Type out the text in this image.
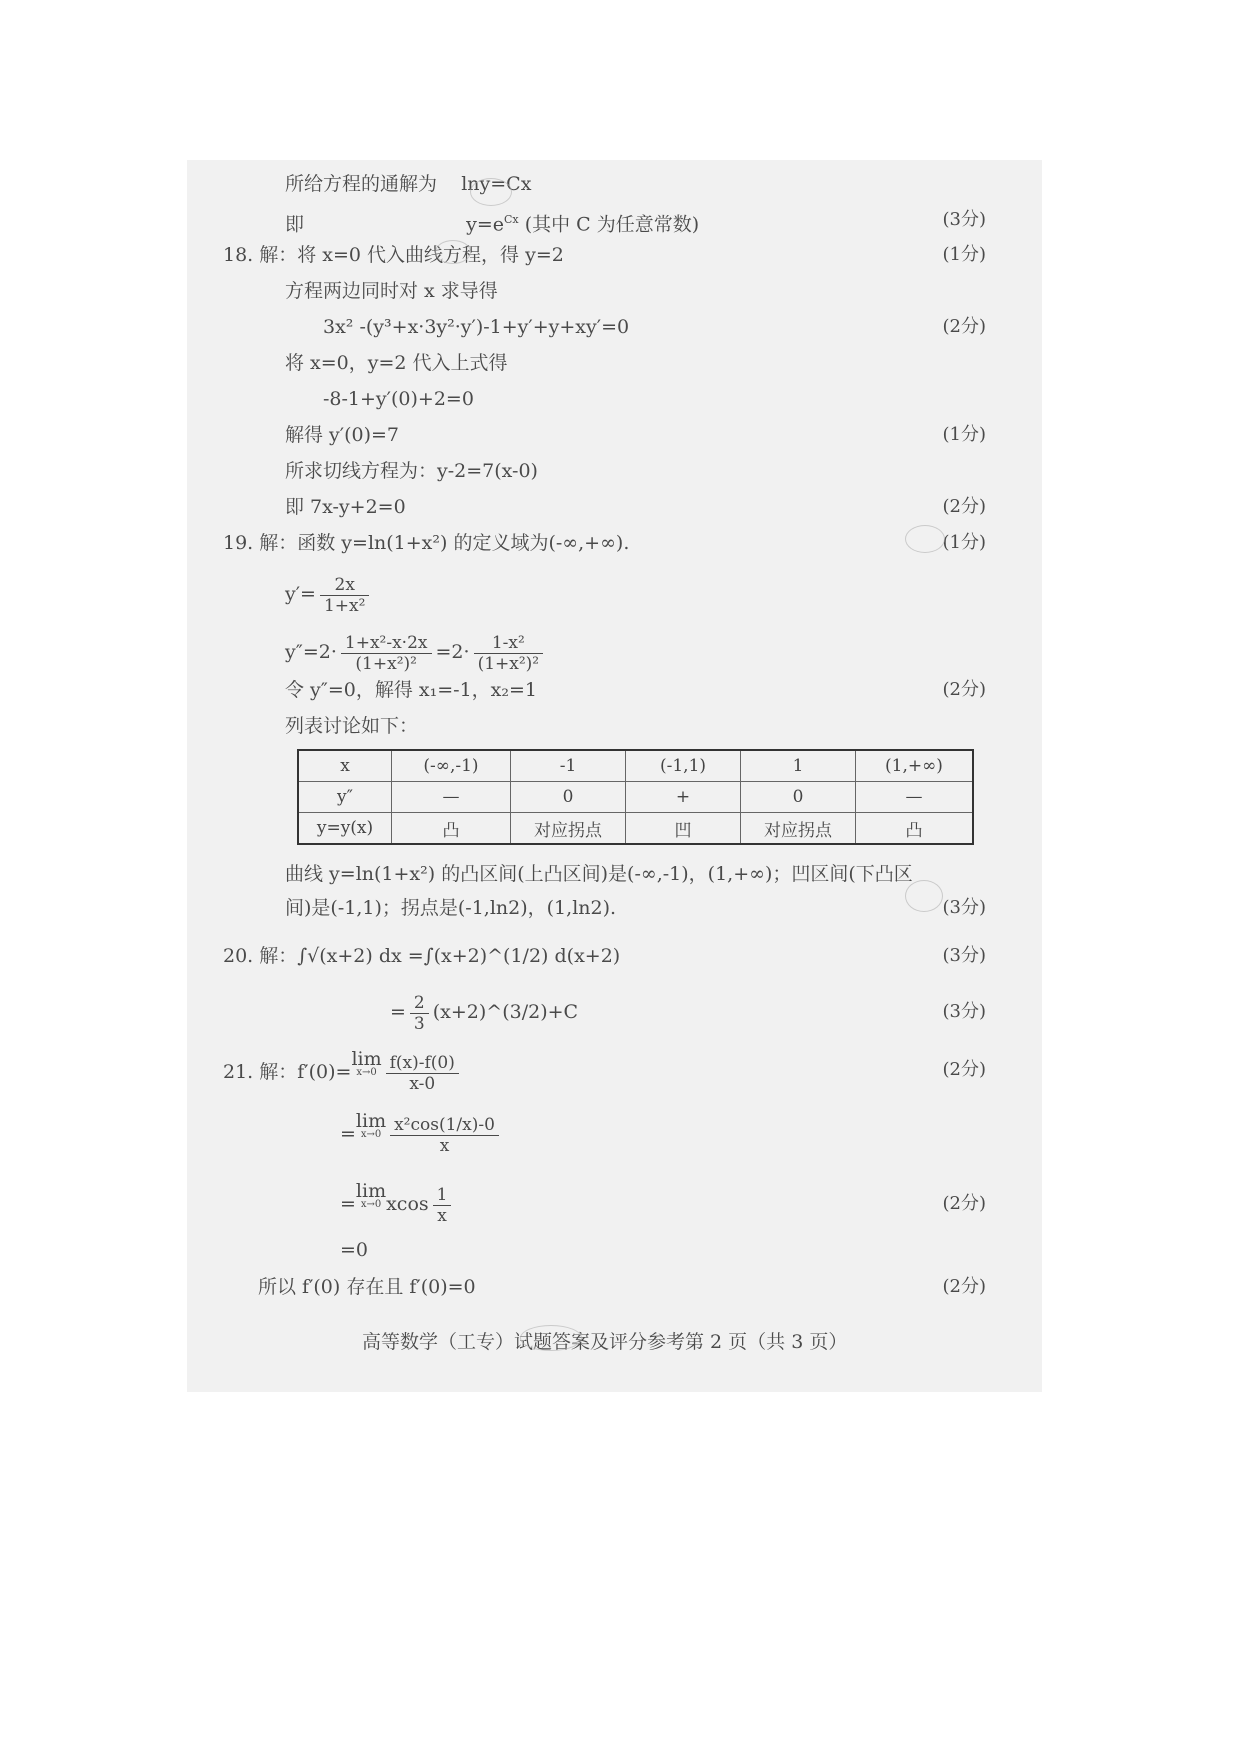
所给方程的通解为 lny=Cx
即	$y=e^{Cx}$ (其中 C 为任意常数)	(3分)
18. 解：将 x=0 代入曲线方程，得 y=2	(1分)
方程两边同时对 x 求导得
3x² -(y³+x·3y²·y′)-1+y′+y+xy′=0	(2分)
将 x=0，y=2 代入上式得
-8-1+y′(0)+2=0
解得 y′(0)=7	(1分)
所求切线方程为：y-2=7(x-0)
即 7x-y+2=0	(2分)
19. 解：函数 y=ln(1+x²) 的定义域为(-∞,+∞).	(1分)
$y'= \frac{2x}{\text{1+x²}}$
$y''=2\cdot \frac{\text{1+x²-x·2x}}{\text{(1+x²)²}} =2\cdot \frac{\text{1-x²}}{\text{(1+x²)²}}$
令 y″=0，解得 x₁=-1，x₂=1	(2分)
列表讨论如下：
x	(-∞,-1)	-1	(-1,1)	1	(1,+∞)
y″	—	0	+	0	—
y=y(x)	凸	对应拐点	凹	对应拐点	凸
曲线 y=ln(1+x²) 的凸区间(上凸区间)是(-∞,-1)，(1,+∞)；凹区间(下凸区
间)是(-1,1)；拐点是(-1,ln2)，(1,ln2).	(3分)
20. 解：∫√(x+2) dx =∫(x+2)^(1/2) d(x+2)	(3分)
= $\frac{2}{3}$ (x+2)^(3/2)+C	(3分)
21. 解：f′(0)=lim
$x\to 0 \frac{f(x)-f(0)}{x-0}$	(2分)
=lim
$x\to 0 \frac{\text{x²cos(1/x)-0}}{x}$
=lim
x→0 xcos $\frac{1}{x}$	(2分)
=0
所以 f′(0) 存在且 f′(0)=0	(2分)
高等数学（工专）试题答案及评分参考第 2 页（共 3 页）
